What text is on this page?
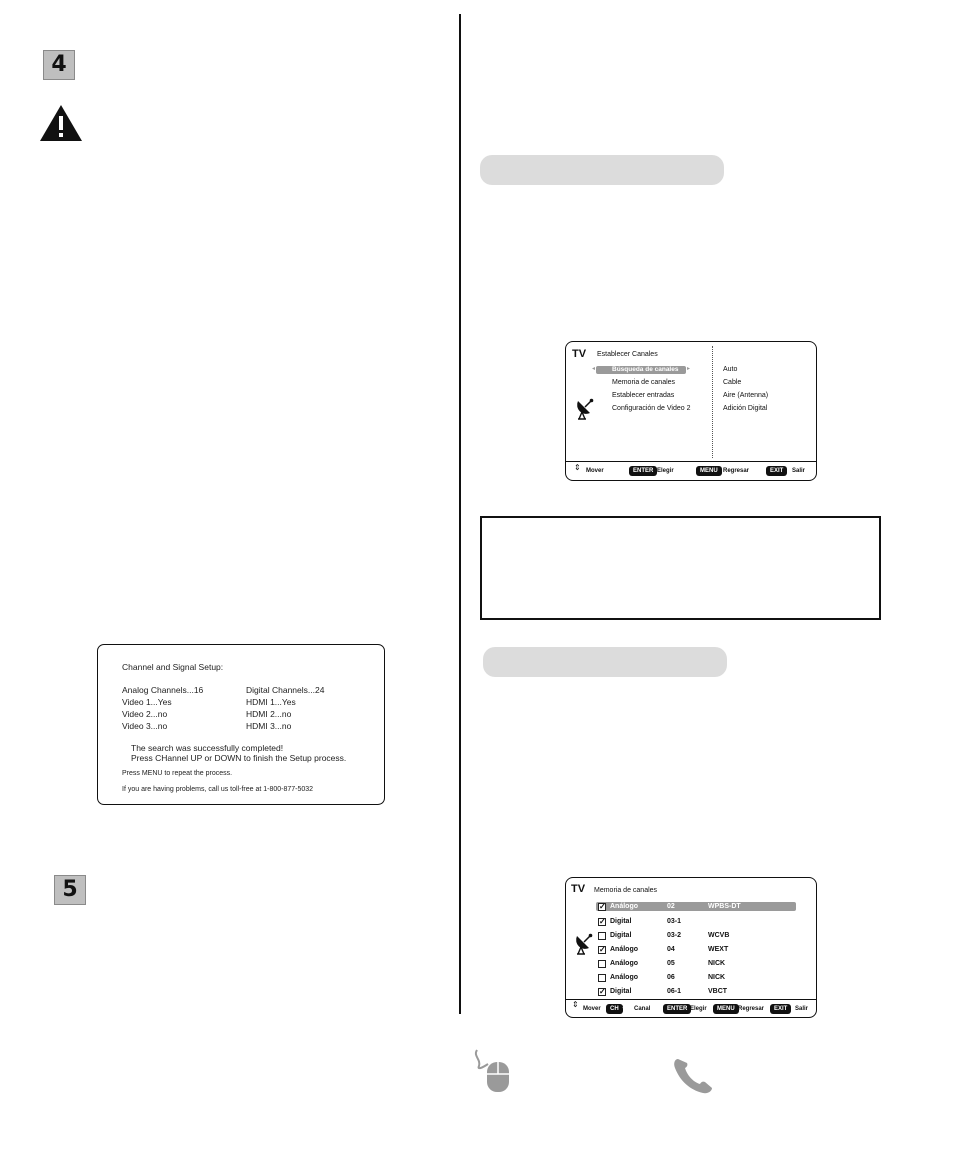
4
Channel and Signal Setup:
Analog Channels...16	Digital Channels...24
Video 1...Yes	HDMI 1...Yes
Video 2...no	HDMI 2...no
Video 3...no	HDMI 3...no
The search was successfully completed!
Press CHannel UP or DOWN to finish the Setup process.
Press MENU to repeat the process.
If you are having problems, call us toll-free at 1-800-877-5032
5
TV Establecer Canales
◂	▸
Búsqueda de canales
Memoria de canales
Establecer entradas
Configuración de Video 2
Auto
Cable
Aire (Antenna)
Adición Digital
⇕ Mover	ENTER Elegir	MENU Regresar	EXIT	Salir
TV Memoria de canales
✓ Análogo	02	WPBS-DT
✓ Digital	03-1
Digital	03-2	WCVB
✓ Análogo	04	WEXT
Análogo	05	NICK
Análogo	06	NICK
✓ Digital	06-1	VBCT
⇕ Mover	CH ⇕ Canal	ENTER Elegir	MENU Regresar	EXIT	Salir
